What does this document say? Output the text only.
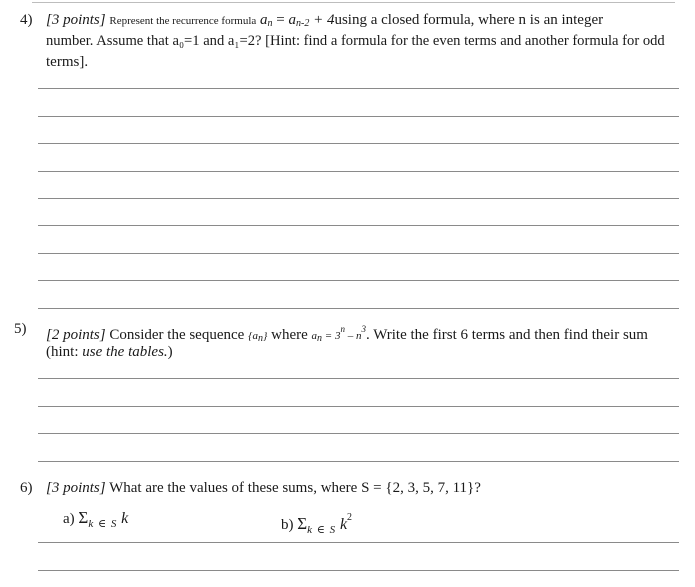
4) [3 points] Represent the recurrence formula $a_n = a_{n-2} + 4using$ a closed formula, where n is an integer
number. Assume that a₀=1 and a₁=2? [Hint: find a formula for the even terms and another formula for odd
terms].
5) [2 points] Consider the sequence {an} where an = $3^n - n^3$. Write the first 6 terms and then find their sum
(hint: use the tables.)
6) [3 points] What are the values of these sums, where S = {2, 3, 5, 7, 11}?
a) $\Sigma_{k \in S}$ k	b) $\Sigma_{k \in S}$ $k^2$
